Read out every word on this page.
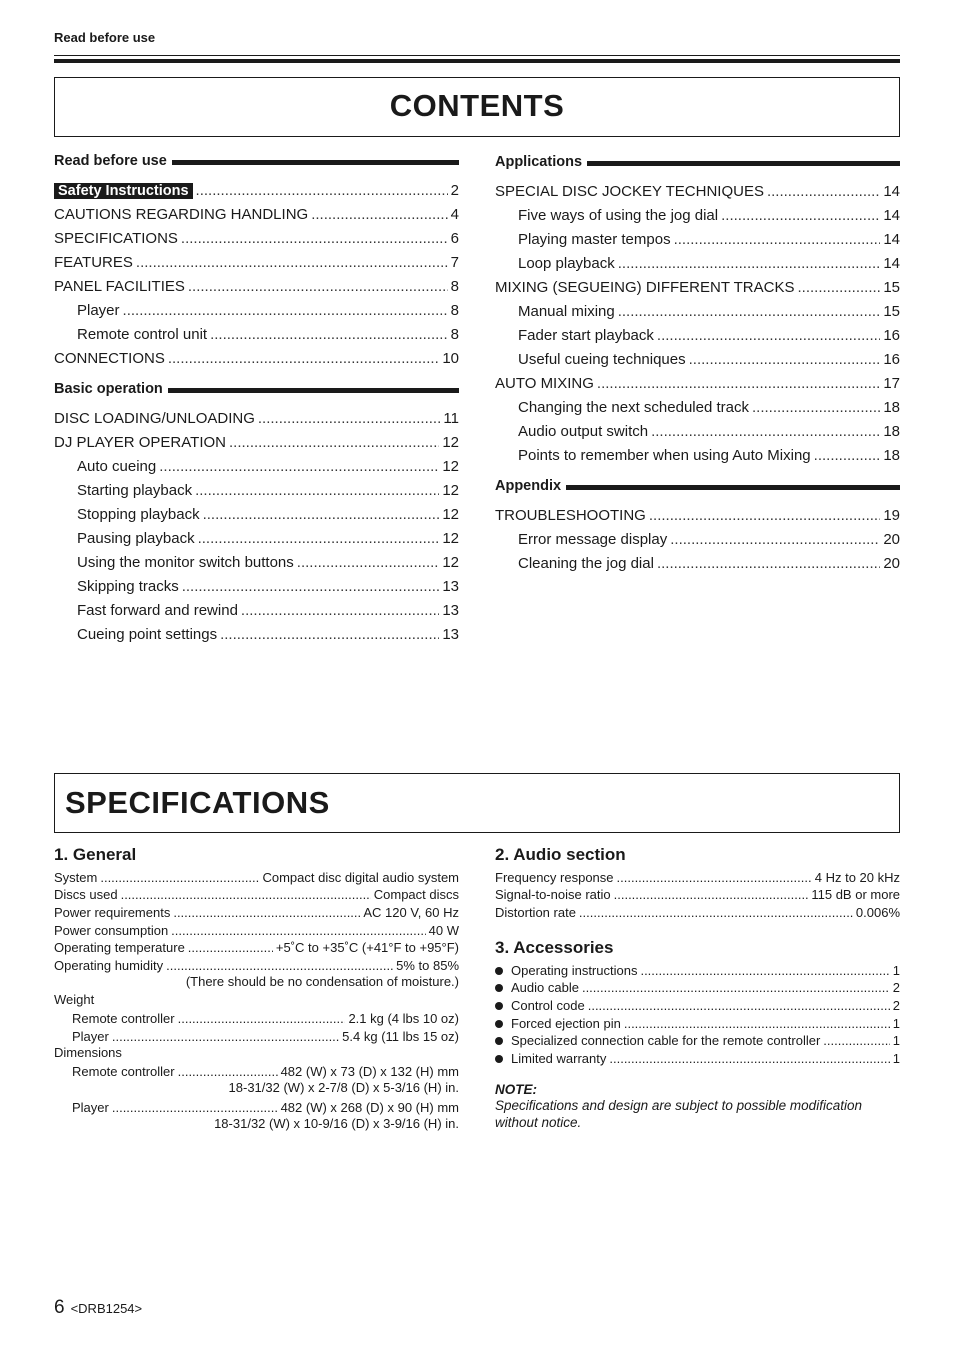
Read before use
CONTENTS
Read before use
Safety Instructions .....	2
CAUTIONS REGARDING HANDLING .....	4
SPECIFICATIONS .....	6
FEATURES .....	7
PANEL FACILITIES .....	8
Player .....	8
Remote control unit .....	8
CONNECTIONS .....	10
Basic operation
DISC LOADING/UNLOADING .....	11
DJ PLAYER OPERATION .....	12
Auto cueing .....	12
Starting playback .....	12
Stopping playback .....	12
Pausing playback .....	12
Using the monitor switch buttons .....	12
Skipping tracks .....	13
Fast forward and rewind .....	13
Cueing point settings .....	13
Applications
SPECIAL DISC JOCKEY TECHNIQUES .....	14
Five ways of using the jog dial .....	14
Playing master tempos .....	14
Loop playback .....	14
MIXING (SEGUEING) DIFFERENT TRACKS .....	15
Manual mixing .....	15
Fader start playback .....	16
Useful cueing techniques .....	16
AUTO MIXING .....	17
Changing the next scheduled track .....	18
Audio output switch .....	18
Points to remember when using Auto Mixing .....	18
Appendix
TROUBLESHOOTING .....	19
Error message display .....	20
Cleaning the jog dial .....	20
SPECIFICATIONS
1. General
System .....	Compact disc digital audio system
Discs used .....	Compact discs
Power requirements .....	AC 120 V, 60 Hz
Power consumption .....	40 W
Operating temperature .....	+5˚C to +35˚C (+41°F to +95°F)
Operating humidity .....	5% to 85%
(There should be no condensation of moisture.)
Weight
Remote controller .....	2.1 kg (4 lbs 10 oz)
Player .....	5.4 kg (11 lbs 15 oz)
Dimensions
Remote controller .....	482 (W) x 73 (D) x 132 (H) mm
18-31/32 (W) x 2-7/8 (D) x 5-3/16 (H) in.
Player .....	482 (W) x 268 (D) x 90 (H) mm
18-31/32 (W) x 10-9/16 (D) x 3-9/16 (H) in.
2. Audio section
Frequency response .....	4 Hz to 20 kHz
Signal-to-noise ratio .....	115 dB or more
Distortion rate .....	0.006%
3. Accessories
Operating instructions .....	1
Audio cable .....	2
Control code .....	2
Forced ejection pin .....	1
Specialized connection cable for the remote controller .....	1
Limited warranty .....	1
NOTE:
Specifications and design are subject to possible modification without notice.
6 <DRB1254>
